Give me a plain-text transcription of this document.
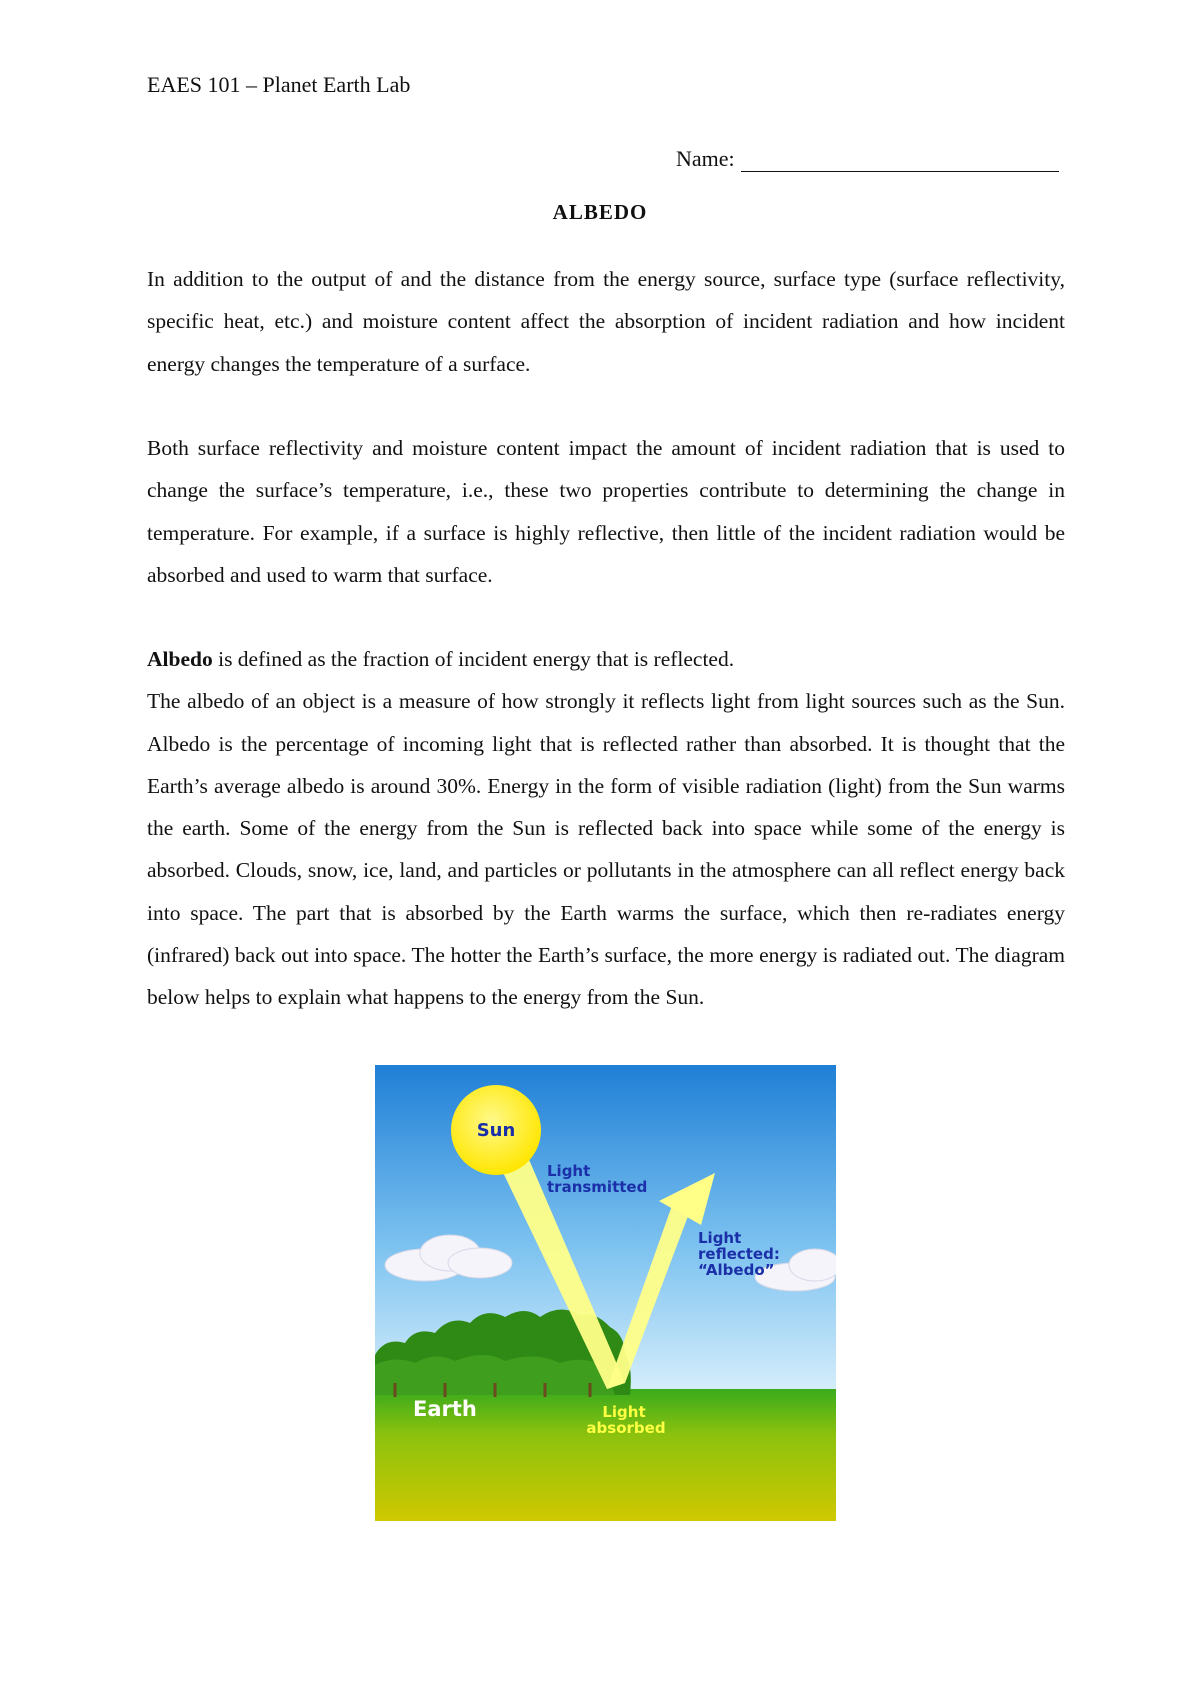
EAES 101 – Planet Earth Lab
Name:
ALBEDO

In addition to the output of and the distance from the energy source, surface type (surface reflectivity, specific heat, etc.) and moisture content affect the absorption of incident radiation and how incident energy changes the temperature of a surface.

Both surface reflectivity and moisture content impact the amount of incident radiation that is used to change the surface’s temperature, i.e., these two properties contribute to determining the change in temperature. For example, if a surface is highly reflective, then little of the incident radiation would be absorbed and used to warm that surface.

Albedo is defined as the fraction of incident energy that is reflected.
The albedo of an object is a measure of how strongly it reflects light from light sources such as the Sun. Albedo is the percentage of incoming light that is reflected rather than absorbed. It is thought that the Earth’s average albedo is around 30%. Energy in the form of visible radiation (light) from the Sun warms the earth. Some of the energy from the Sun is reflected back into space while some of the energy is absorbed. Clouds, snow, ice, land, and particles or pollutants in the atmosphere can all reflect energy back into space. The part that is absorbed by the Earth warms the surface, which then re-radiates energy (infrared) back out into space. The hotter the Earth’s surface, the more energy is radiated out. The diagram below helps to explain what happens to the energy from the Sun.

Sun
Light
transmitted
Light
reflected:
“Albedo”
Earth	Light
absorbed
